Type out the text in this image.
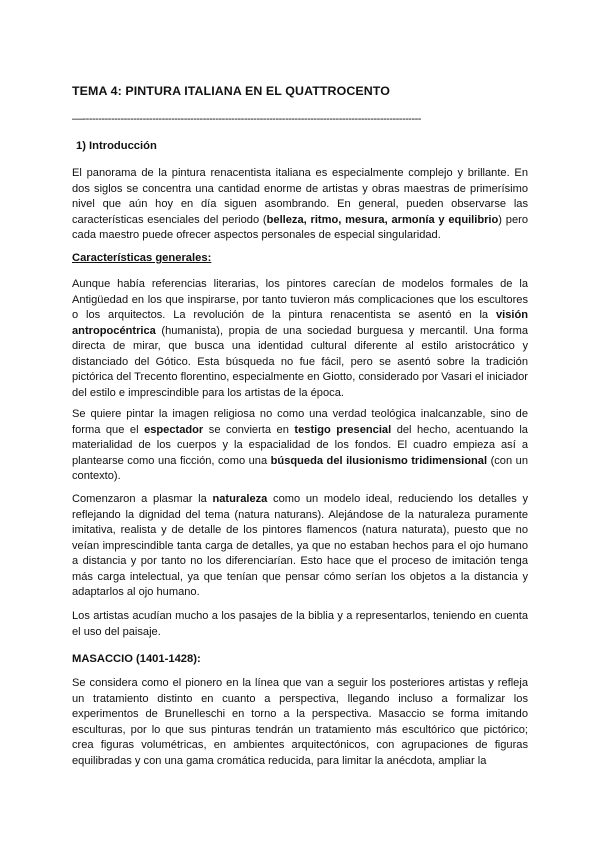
TEMA 4: PINTURA ITALIANA EN EL QUATTROCENTO
—-----------------------------------------------------------------------------------------------------------
1) Introducción
El panorama de la pintura renacentista italiana es especialmente complejo y brillante. En dos siglos se concentra una cantidad enorme de artistas y obras maestras de primerísimo nivel que aún hoy en día siguen asombrando. En general, pueden observarse las características esenciales del periodo (belleza, ritmo, mesura, armonía y equilibrio) pero cada maestro puede ofrecer aspectos personales de especial singularidad.
Características generales:
Aunque había referencias literarias, los pintores carecían de modelos formales de la Antigüedad en los que inspirarse, por tanto tuvieron más complicaciones que los escultores o los arquitectos. La revolución de la pintura renacentista se asentó en la visión antropocéntrica (humanista), propia de una sociedad burguesa y mercantil. Una forma directa de mirar, que busca una identidad cultural diferente al estilo aristocrático y distanciado del Gótico. Esta búsqueda no fue fácil, pero se asentó sobre la tradición pictórica del Trecento florentino, especialmente en Giotto, considerado por Vasari el iniciador del estilo e imprescindible para los artistas de la época.
Se quiere pintar la imagen religiosa no como una verdad teológica inalcanzable, sino de forma que el espectador se convierta en testigo presencial del hecho, acentuando la materialidad de los cuerpos y la espacialidad de los fondos. El cuadro empieza así a plantearse como una ficción, como una búsqueda del ilusionismo tridimensional (con un contexto).
Comenzaron a plasmar la naturaleza como un modelo ideal, reduciendo los detalles y reflejando la dignidad del tema (natura naturans). Alejándose de la naturaleza puramente imitativa, realista y de detalle de los pintores flamencos (natura naturata), puesto que no veían imprescindible tanta carga de detalles, ya que no estaban hechos para el ojo humano a distancia y por tanto no los diferenciarían. Esto hace que el proceso de imitación tenga más carga intelectual, ya que tenían que pensar cómo serían los objetos a la distancia y adaptarlos al ojo humano.
Los artistas acudían mucho a los pasajes de la biblia y a representarlos, teniendo en cuenta el uso del paisaje.
MASACCIO (1401-1428):
Se considera como el pionero en la línea que van a seguir los posteriores artistas y refleja un tratamiento distinto en cuanto a perspectiva, llegando incluso a formalizar los experimentos de Brunelleschi en torno a la perspectiva. Masaccio se forma imitando esculturas, por lo que sus pinturas tendrán un tratamiento más escultórico que pictórico; crea figuras volumétricas, en ambientes arquitectónicos, con agrupaciones de figuras equilibradas y con una gama cromática reducida, para limitar la anécdota, ampliar la
